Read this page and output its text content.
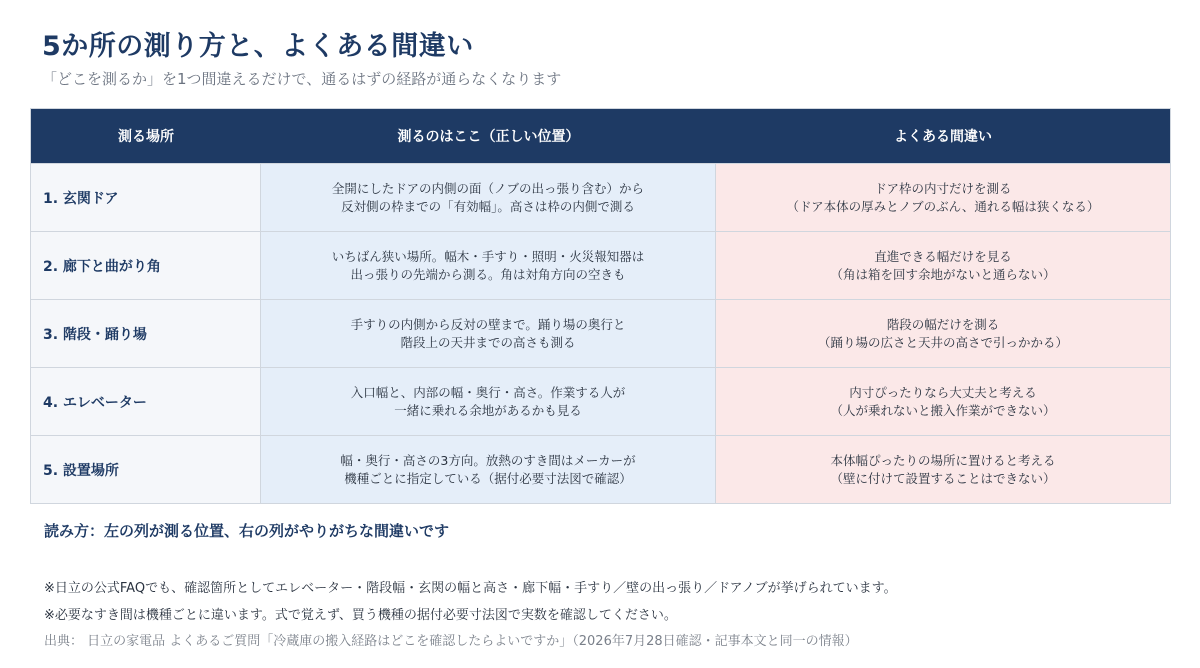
5か所の測り方と、よくある間違い
「どこを測るか」を1つ間違えるだけで、通るはずの経路が通らなくなります
測る場所	測るのはここ（正しい位置）	よくある間違い
1. 玄関ドア
全開にしたドアの内側の面（ノブの出っ張り含む）から
反対側の枠までの「有効幅」。高さは枠の内側で測る
ドア枠の内寸だけを測る
（ドア本体の厚みとノブのぶん、通れる幅は狭くなる）
2. 廊下と曲がり角
いちばん狭い場所。幅木・手すり・照明・火災報知器は
出っ張りの先端から測る。角は対角方向の空きも
直進できる幅だけを見る
（角は箱を回す余地がないと通らない）
3. 階段・踊り場
手すりの内側から反対の壁まで。踊り場の奥行と
階段上の天井までの高さも測る
階段の幅だけを測る
（踊り場の広さと天井の高さで引っかかる）
4. エレベーター
入口幅と、内部の幅・奥行・高さ。作業する人が
一緒に乗れる余地があるかも見る
内寸ぴったりなら大丈夫と考える
（人が乗れないと搬入作業ができない）
5. 設置場所
幅・奥行・高さの3方向。放熱のすき間はメーカーが
機種ごとに指定している（据付必要寸法図で確認）
本体幅ぴったりの場所に置けると考える
（壁に付けて設置することはできない）
読み方：左の列が測る位置、右の列がやりがちな間違いです
※日立の公式FAQでも、確認箇所としてエレベーター・階段幅・玄関の幅と高さ・廊下幅・手すり／壁の出っ張り／ドアノブが挙げられています。
※必要なすき間は機種ごとに違います。式で覚えず、買う機種の据付必要寸法図で実数を確認してください。
出典： 日立の家電品 よくあるご質問「冷蔵庫の搬入経路はどこを確認したらよいですか」（2026年7月28日確認・記事本文と同一の情報）
